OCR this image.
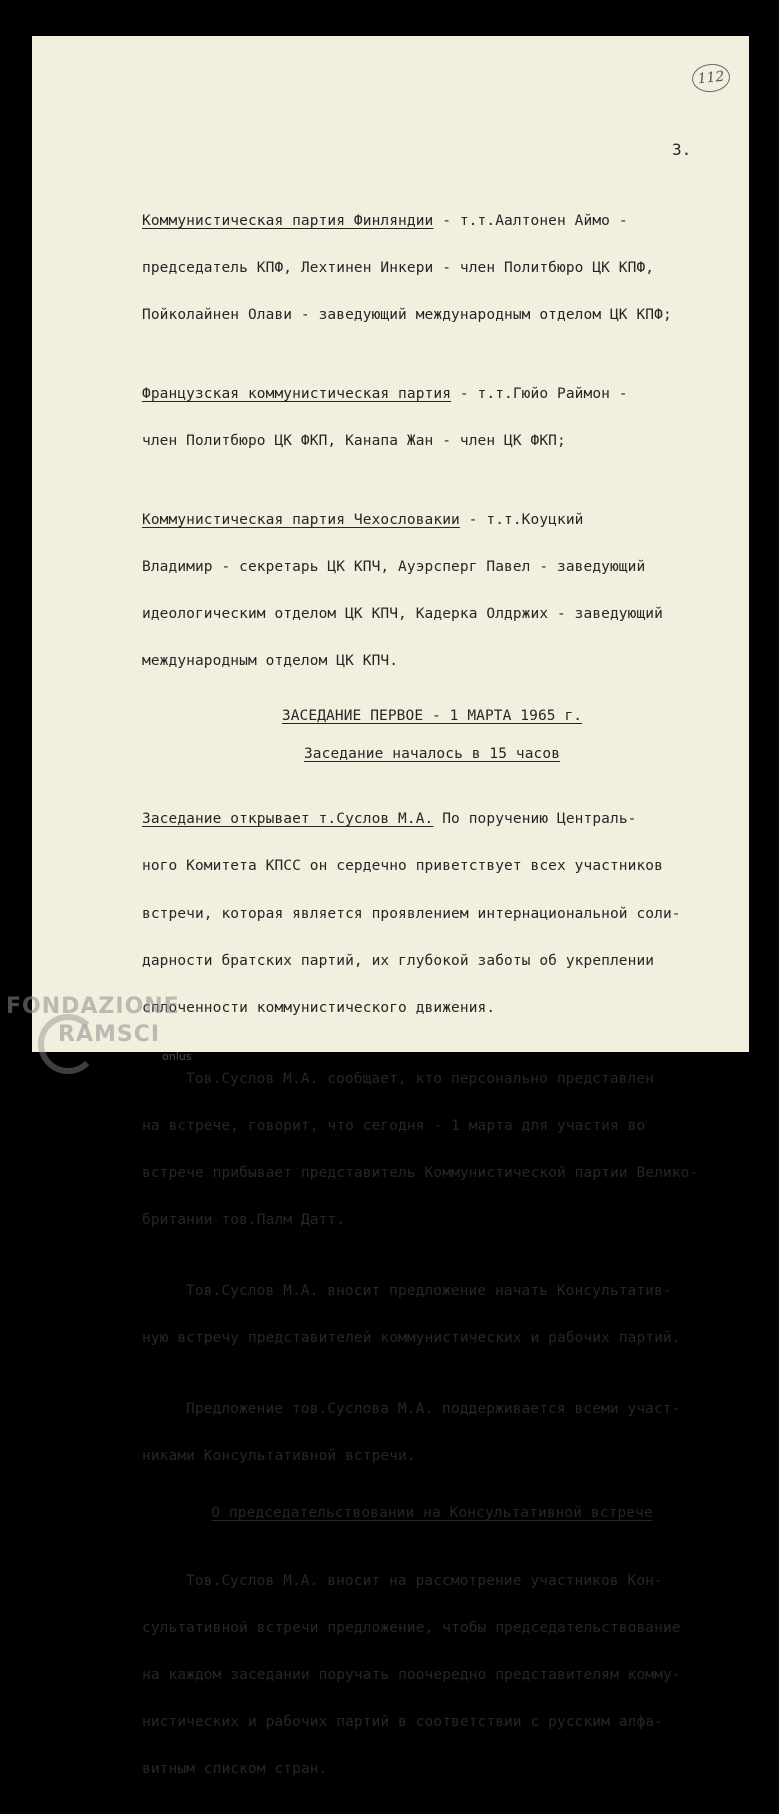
112
3.

Коммунистическая партия Финляндии - т.т.Аалтонен Аймо -

председатель КПФ, Лехтинен Инкери - член Политбюро ЦК КПФ,

Пойколайнен Олави - заведующий международным отделом ЦК КПФ;

Французская коммунистическая партия - т.т.Гюйо Раймон -

член Политбюро ЦК ФКП, Канапа Жан - член ЦК ФКП;

Коммунистическая партия Чехословакии - т.т.Коуцкий

Владимир - секретарь ЦК КПЧ, Ауэрсперг Павел - заведующий

идеологическим отделом ЦК КПЧ, Кадерка Олдржих - заведующий

международным отделом ЦК КПЧ.

ЗАСЕДАНИЕ ПЕРВОЕ - 1 МАРТА 1965 г.
Заседание началось в 15 часов

Заседание открывает т.Суслов М.А. По поручению Централь-

ного Комитета КПСС он сердечно приветствует всех участников

встречи, которая является проявлением интернациональной соли-

дарности братских партий, их глубокой заботы об укреплении

сплоченности коммунистического движения.

Тов.Суслов М.А. сообщает, кто персонально представлен

на встрече, говорит, что сегодня - 1 марта для участия во

встрече прибывает представитель Коммунистической партии Велико-

британии тов.Палм Датт.

Тов.Суслов М.А. вносит предложение начать Консультатив-

ную встречу представителей коммунистических и рабочих партий.

Предложение тов.Суслова М.А. поддерживается всеми участ-

никами Консультативной встречи.

О председательствовании на Консультативной встрече

Тов.Суслов М.А. вносит на рассмотрение участников Кон-

сультативной встречи предложение, чтобы председательствование

на каждом заседании поручать поочередно представителям комму-

нистических и рабочих партий в соответствии с русским алфа-

витным списком стран.

FONDAZIONE
RAMSCI
onlus
